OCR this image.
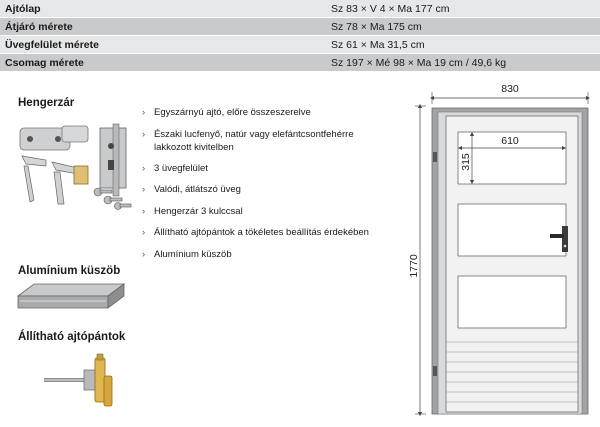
Ajtólap	Sz 83 × V 4 × Ma 177 cm
Átjáró mérete	Sz 78 × Ma 175 cm
Üvegfelület mérete	Sz 61 × Ma 31,5 cm
Csomag mérete	Sz 197 × Mé 98 × Ma 19 cm / 49,6 kg
Hengerzár
Alumínium küszöb
Állítható ajtópántok
› Egyszárnyú ajtó, előre összeszerelve
› Északi lucfenyő, natúr vagy elefántcsontfehérre lakkozott kivitelben
› 3 üvegfelület
› Valódi, átlátszó üveg
› Hengerzár 3 kulccsal
› Állítható ajtópántok a tökéletes beállítás érdekében
› Alumínium küszöb
830
1770
610
315
